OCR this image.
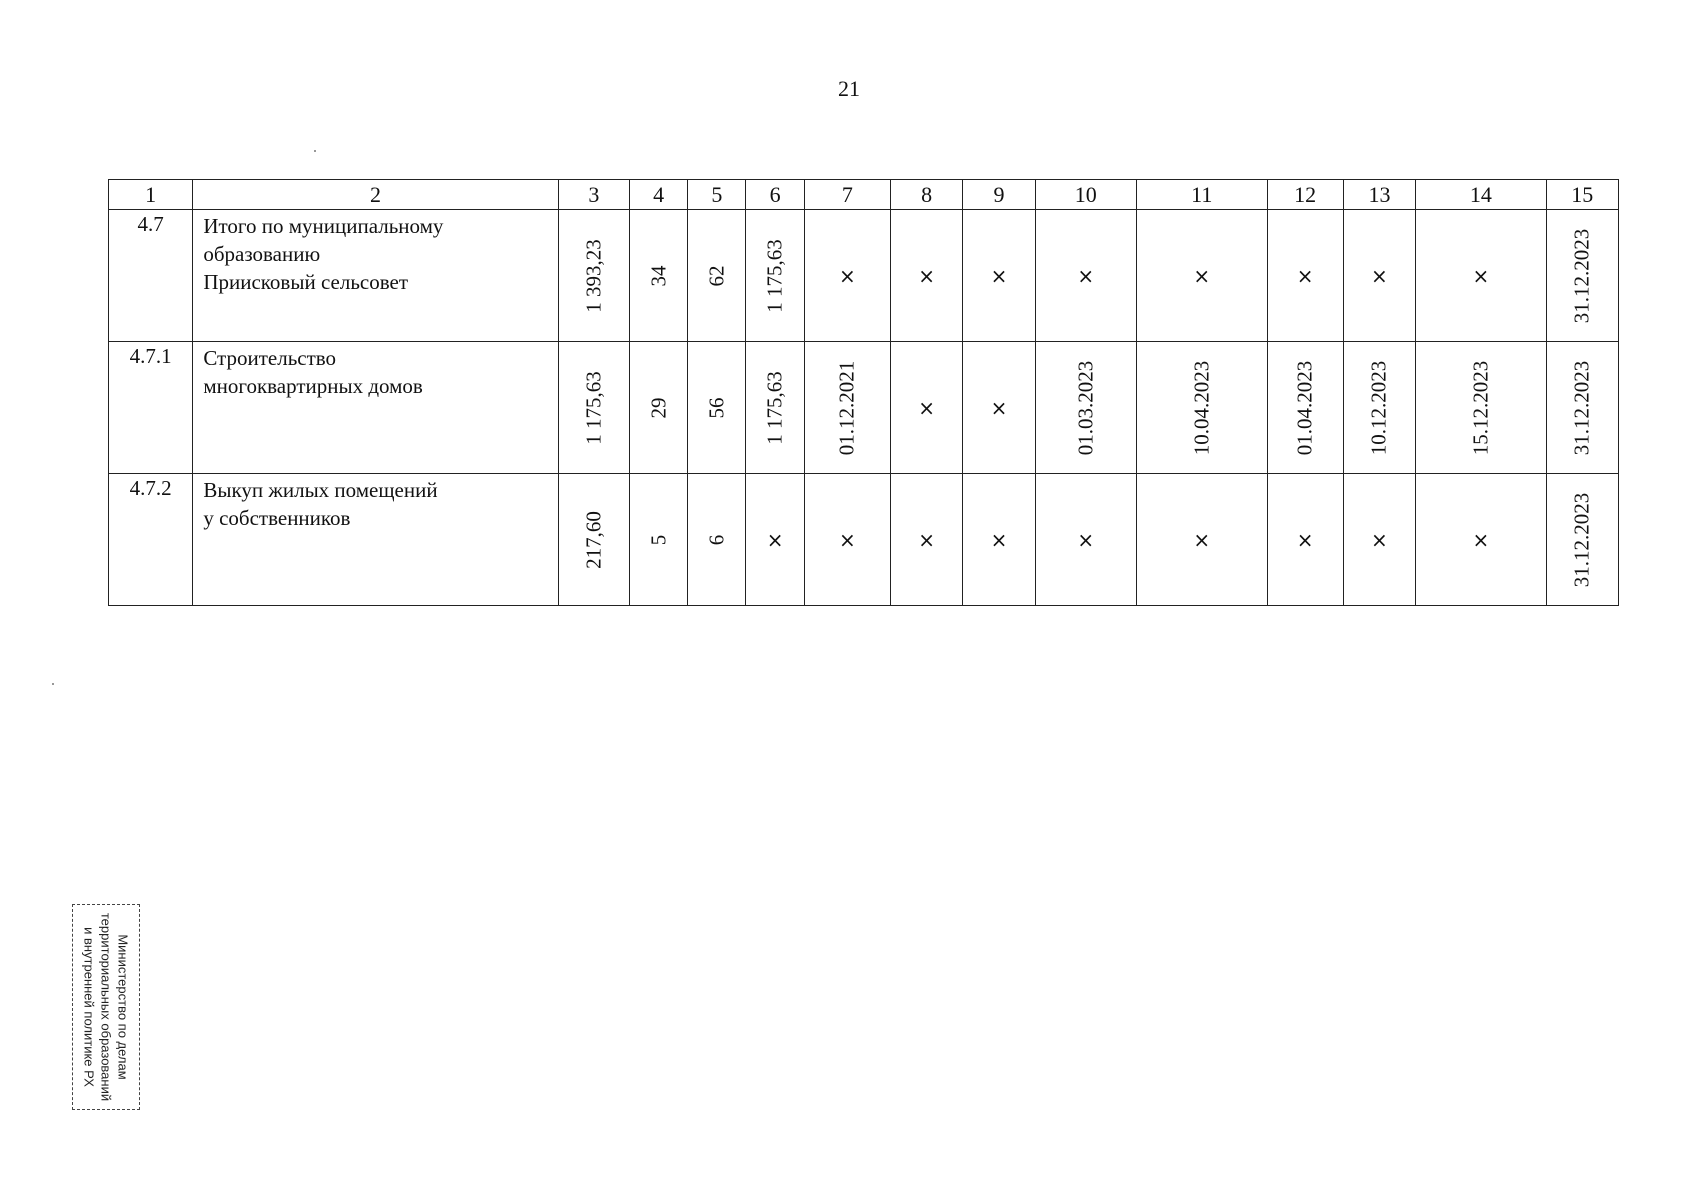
21
1	2	3	4	5	6	7	8	9	10	11	12	13	14	15
4.7	Итого по муниципальному
образованию
Приисковый сельсовет	1 393,23	34	62	1 175,63	×	×	×	×	×	×	×	×	31.12.2023

4.7.1	Строительство
многоквартирных домов	1 175,63	29	56	1 175,63	01.12.2021	×	×	01.03.2023	10.04.2023	01.04.2023	10.12.2023	15.12.2023	31.12.2023

4.7.2	Выкуп жилых помещений
у собственников	217,60	5	6	×	×	×	×	×	×	×	×	×	31.12.2023
Министерство по делам
территориальных образований
и внутренней политике РХ
